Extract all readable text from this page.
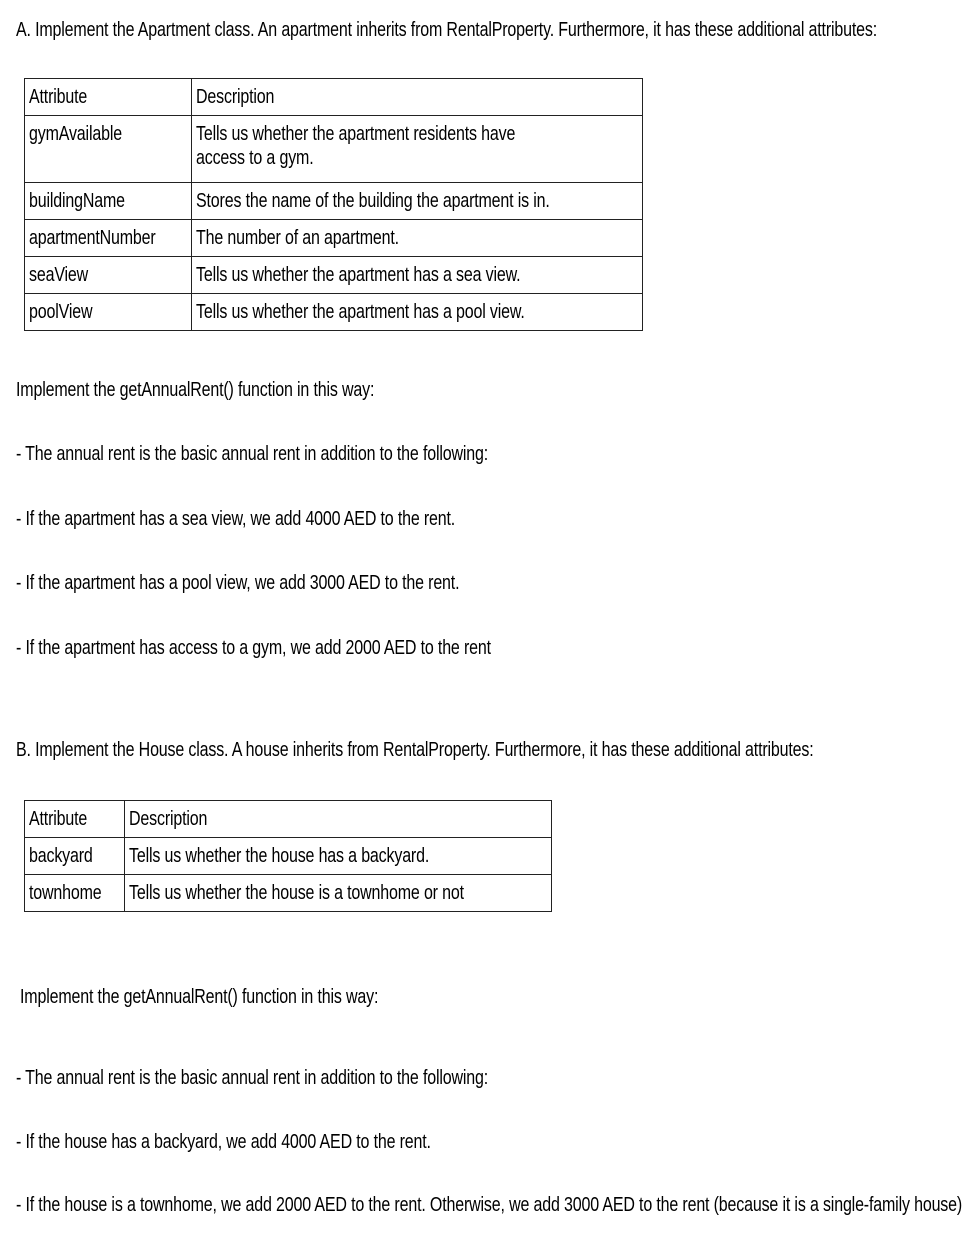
A. Implement the Apartment class. An apartment inherits from RentalProperty. Furthermore, it has these additional attributes:
Attribute	Description
gymAvailable	Tells us whether the apartment residents have access to a gym.
buildingName	Stores the name of the building the apartment is in.
apartmentNumber	The number of an apartment.
seaView	Tells us whether the apartment has a sea view.
poolView	Tells us whether the apartment has a pool view.
Implement the getAnnualRent() function in this way:
- The annual rent is the basic annual rent in addition to the following:
- If the apartment has a sea view, we add 4000 AED to the rent.
- If the apartment has a pool view, we add 3000 AED to the rent.
- If the apartment has access to a gym, we add 2000 AED to the rent
B. Implement the House class. A house inherits from RentalProperty. Furthermore, it has these additional attributes:
Attribute	Description
backyard	Tells us whether the house has a backyard.
townhome	Tells us whether the house is a townhome or not
Implement the getAnnualRent() function in this way:
- The annual rent is the basic annual rent in addition to the following:
- If the house has a backyard, we add 4000 AED to the rent.
- If the house is a townhome, we add 2000 AED to the rent. Otherwise, we add 3000 AED to the rent (because it is a single-family house)
